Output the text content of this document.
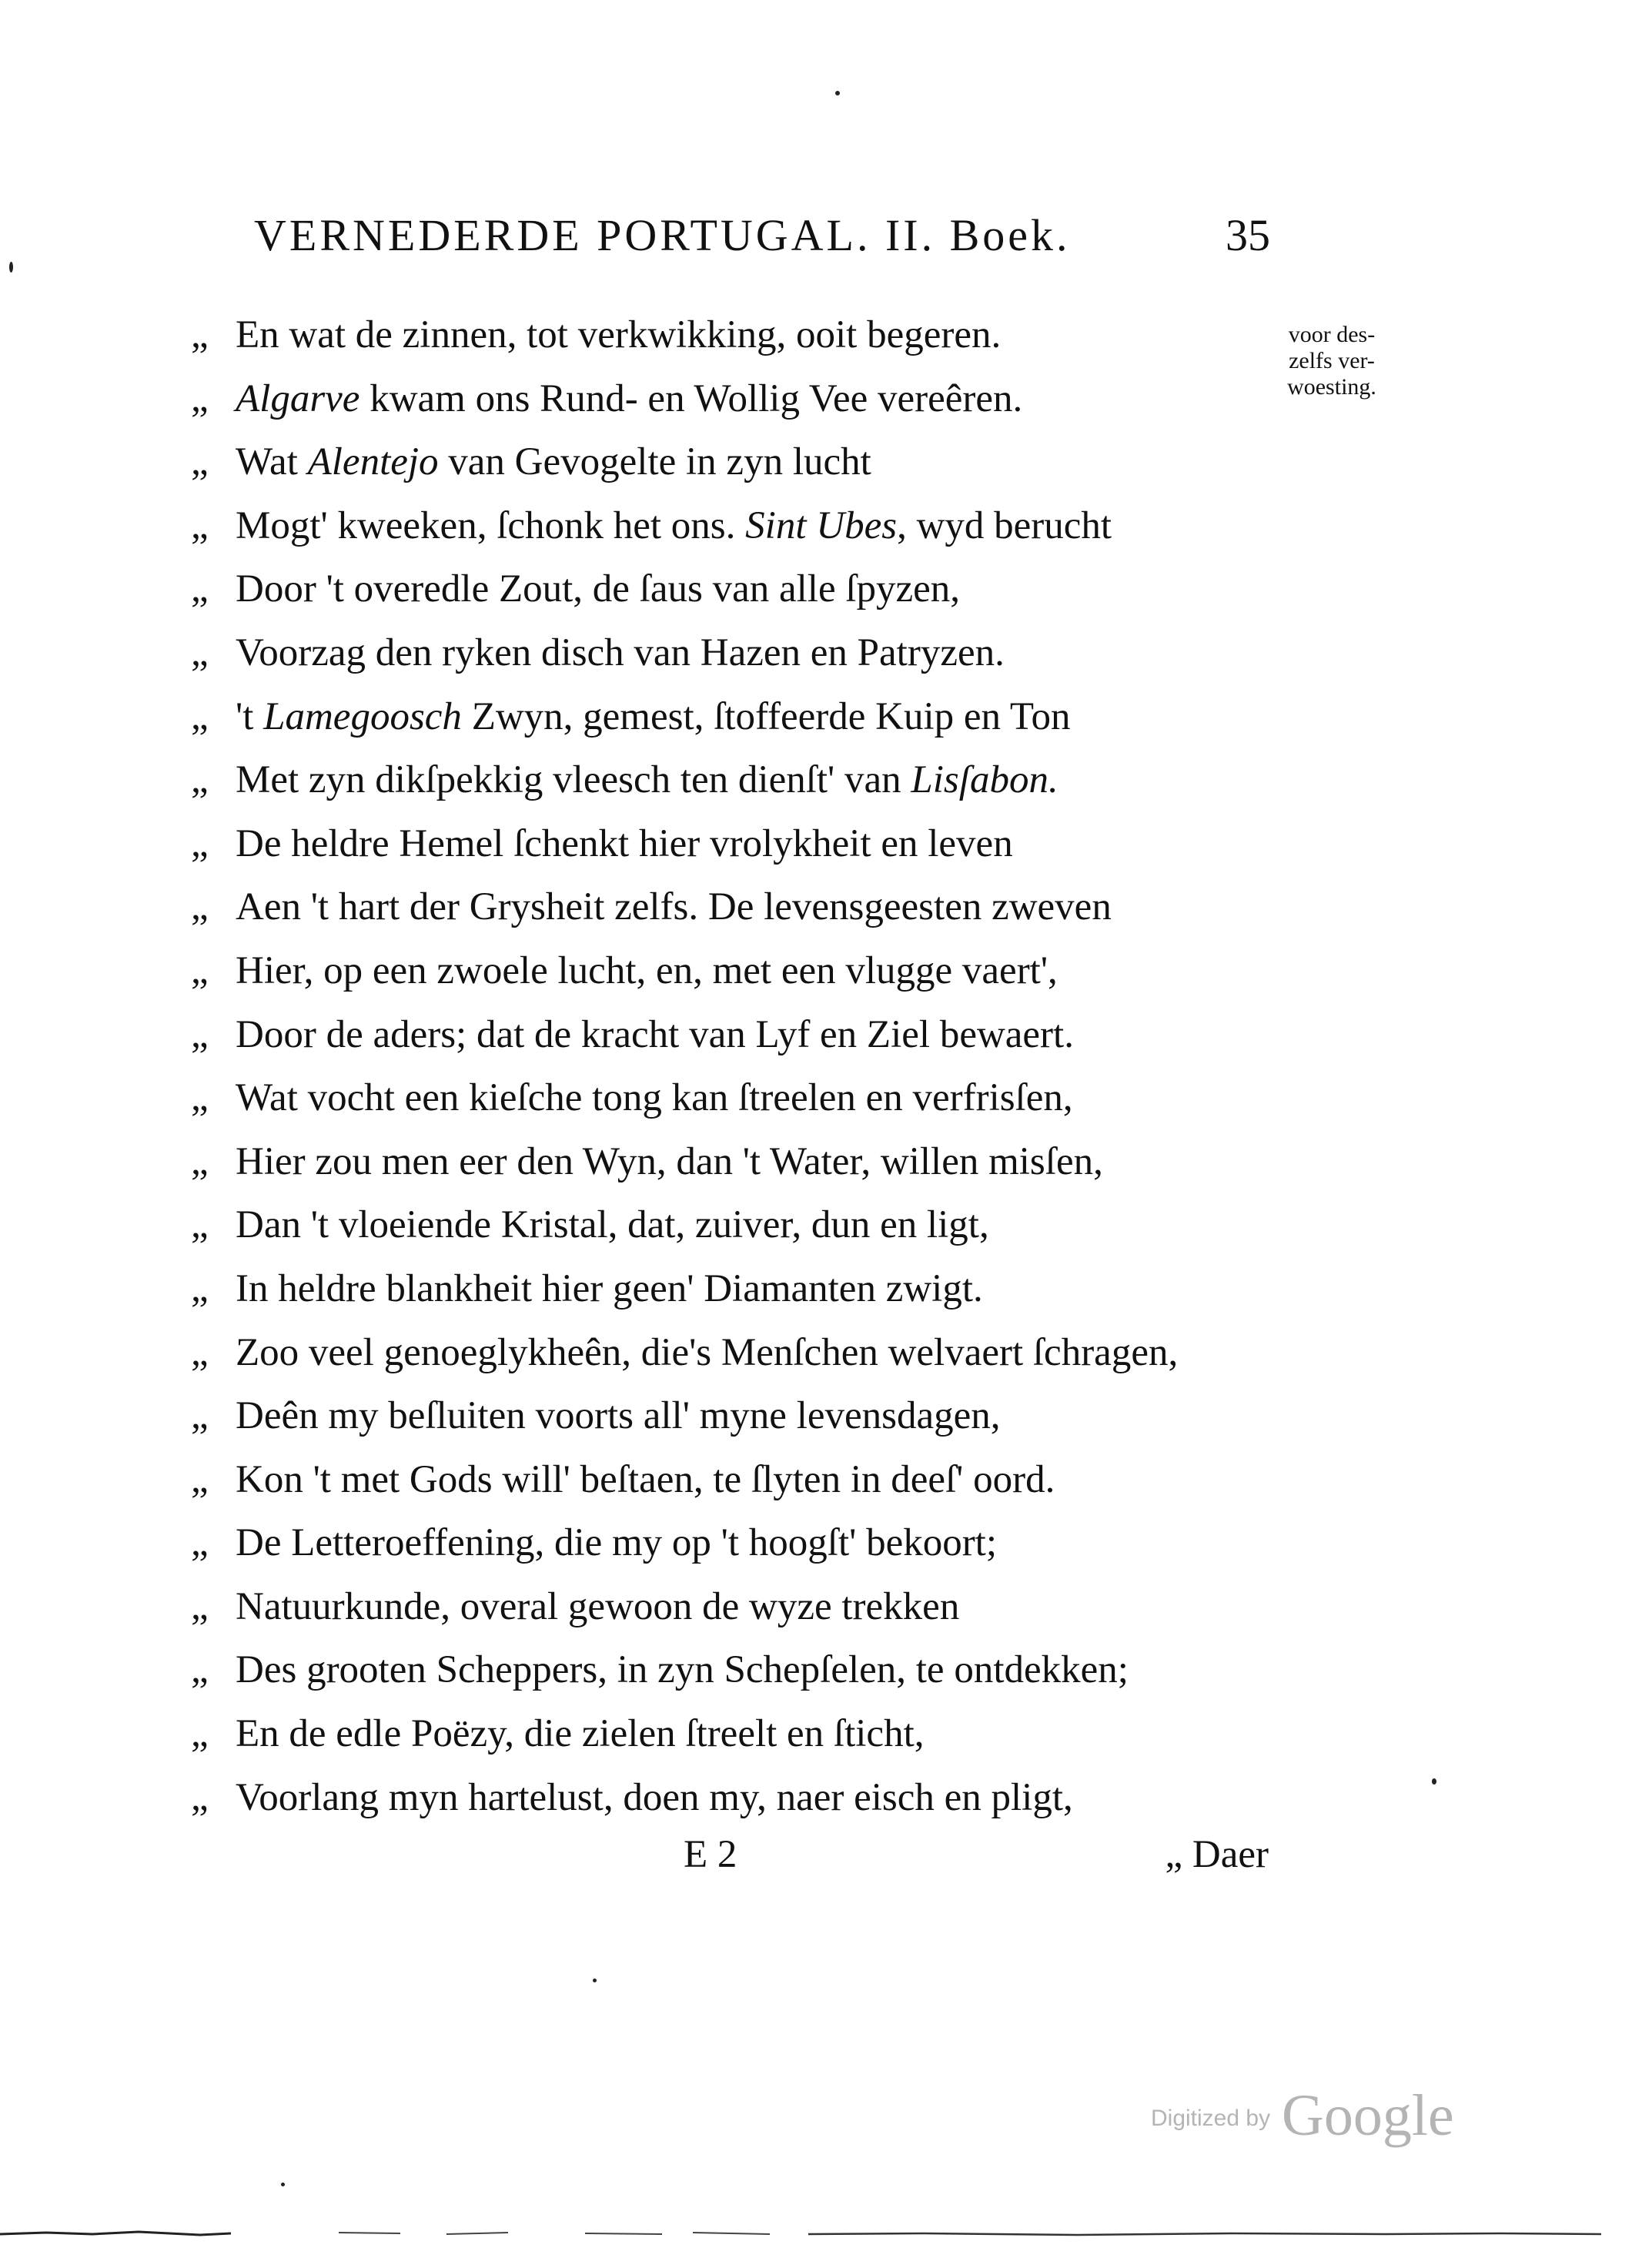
VERNEDERDE PORTUGAL. II. Boek.	35
voor des-
zelfs ver-
woesting.
„ En wat de zinnen, tot verkwikking, ooit begeren.
„ Algarve kwam ons Rund- en Wollig Vee vereêren.
„ Wat Alentejo van Gevogelte in zyn lucht
„ Mogt' kweeken, ſchonk het ons. Sint Ubes, wyd berucht
„ Door 't overedle Zout, de ſaus van alle ſpyzen,
„ Voorzag den ryken disch van Hazen en Patryzen.
„ 't Lamegoosch Zwyn, gemest, ſtoffeerde Kuip en Ton
„ Met zyn dikſpekkig vleesch ten dienſt' van Lisſabon.
„ De heldre Hemel ſchenkt hier vrolykheit en leven
„ Aen 't hart der Grysheit zelfs. De levensgeesten zweven
„ Hier, op een zwoele lucht, en, met een vlugge vaert',
„ Door de aders; dat de kracht van Lyf en Ziel bewaert.
„ Wat vocht een kieſche tong kan ſtreelen en verfrisſen,
„ Hier zou men eer den Wyn, dan 't Water, willen misſen,
„ Dan 't vloeiende Kristal, dat, zuiver, dun en ligt,
„ In heldre blankheit hier geen' Diamanten zwigt.
„ Zoo veel genoeglykheên, die's Menſchen welvaert ſchragen,
„ Deên my beſluiten voorts all' myne levensdagen,
„ Kon 't met Gods will' beſtaen, te ſlyten in deeſ' oord.
„ De Letteroeffening, die my op 't hoogſt' bekoort;
„ Natuurkunde, overal gewoon de wyze trekken
„ Des grooten Scheppers, in zyn Schepſelen, te ontdekken;
„ En de edle Poëzy, die zielen ſtreelt en ſticht,
„ Voorlang myn hartelust, doen my, naer eisch en pligt,
E 2	„ Daer
Digitized by Google
